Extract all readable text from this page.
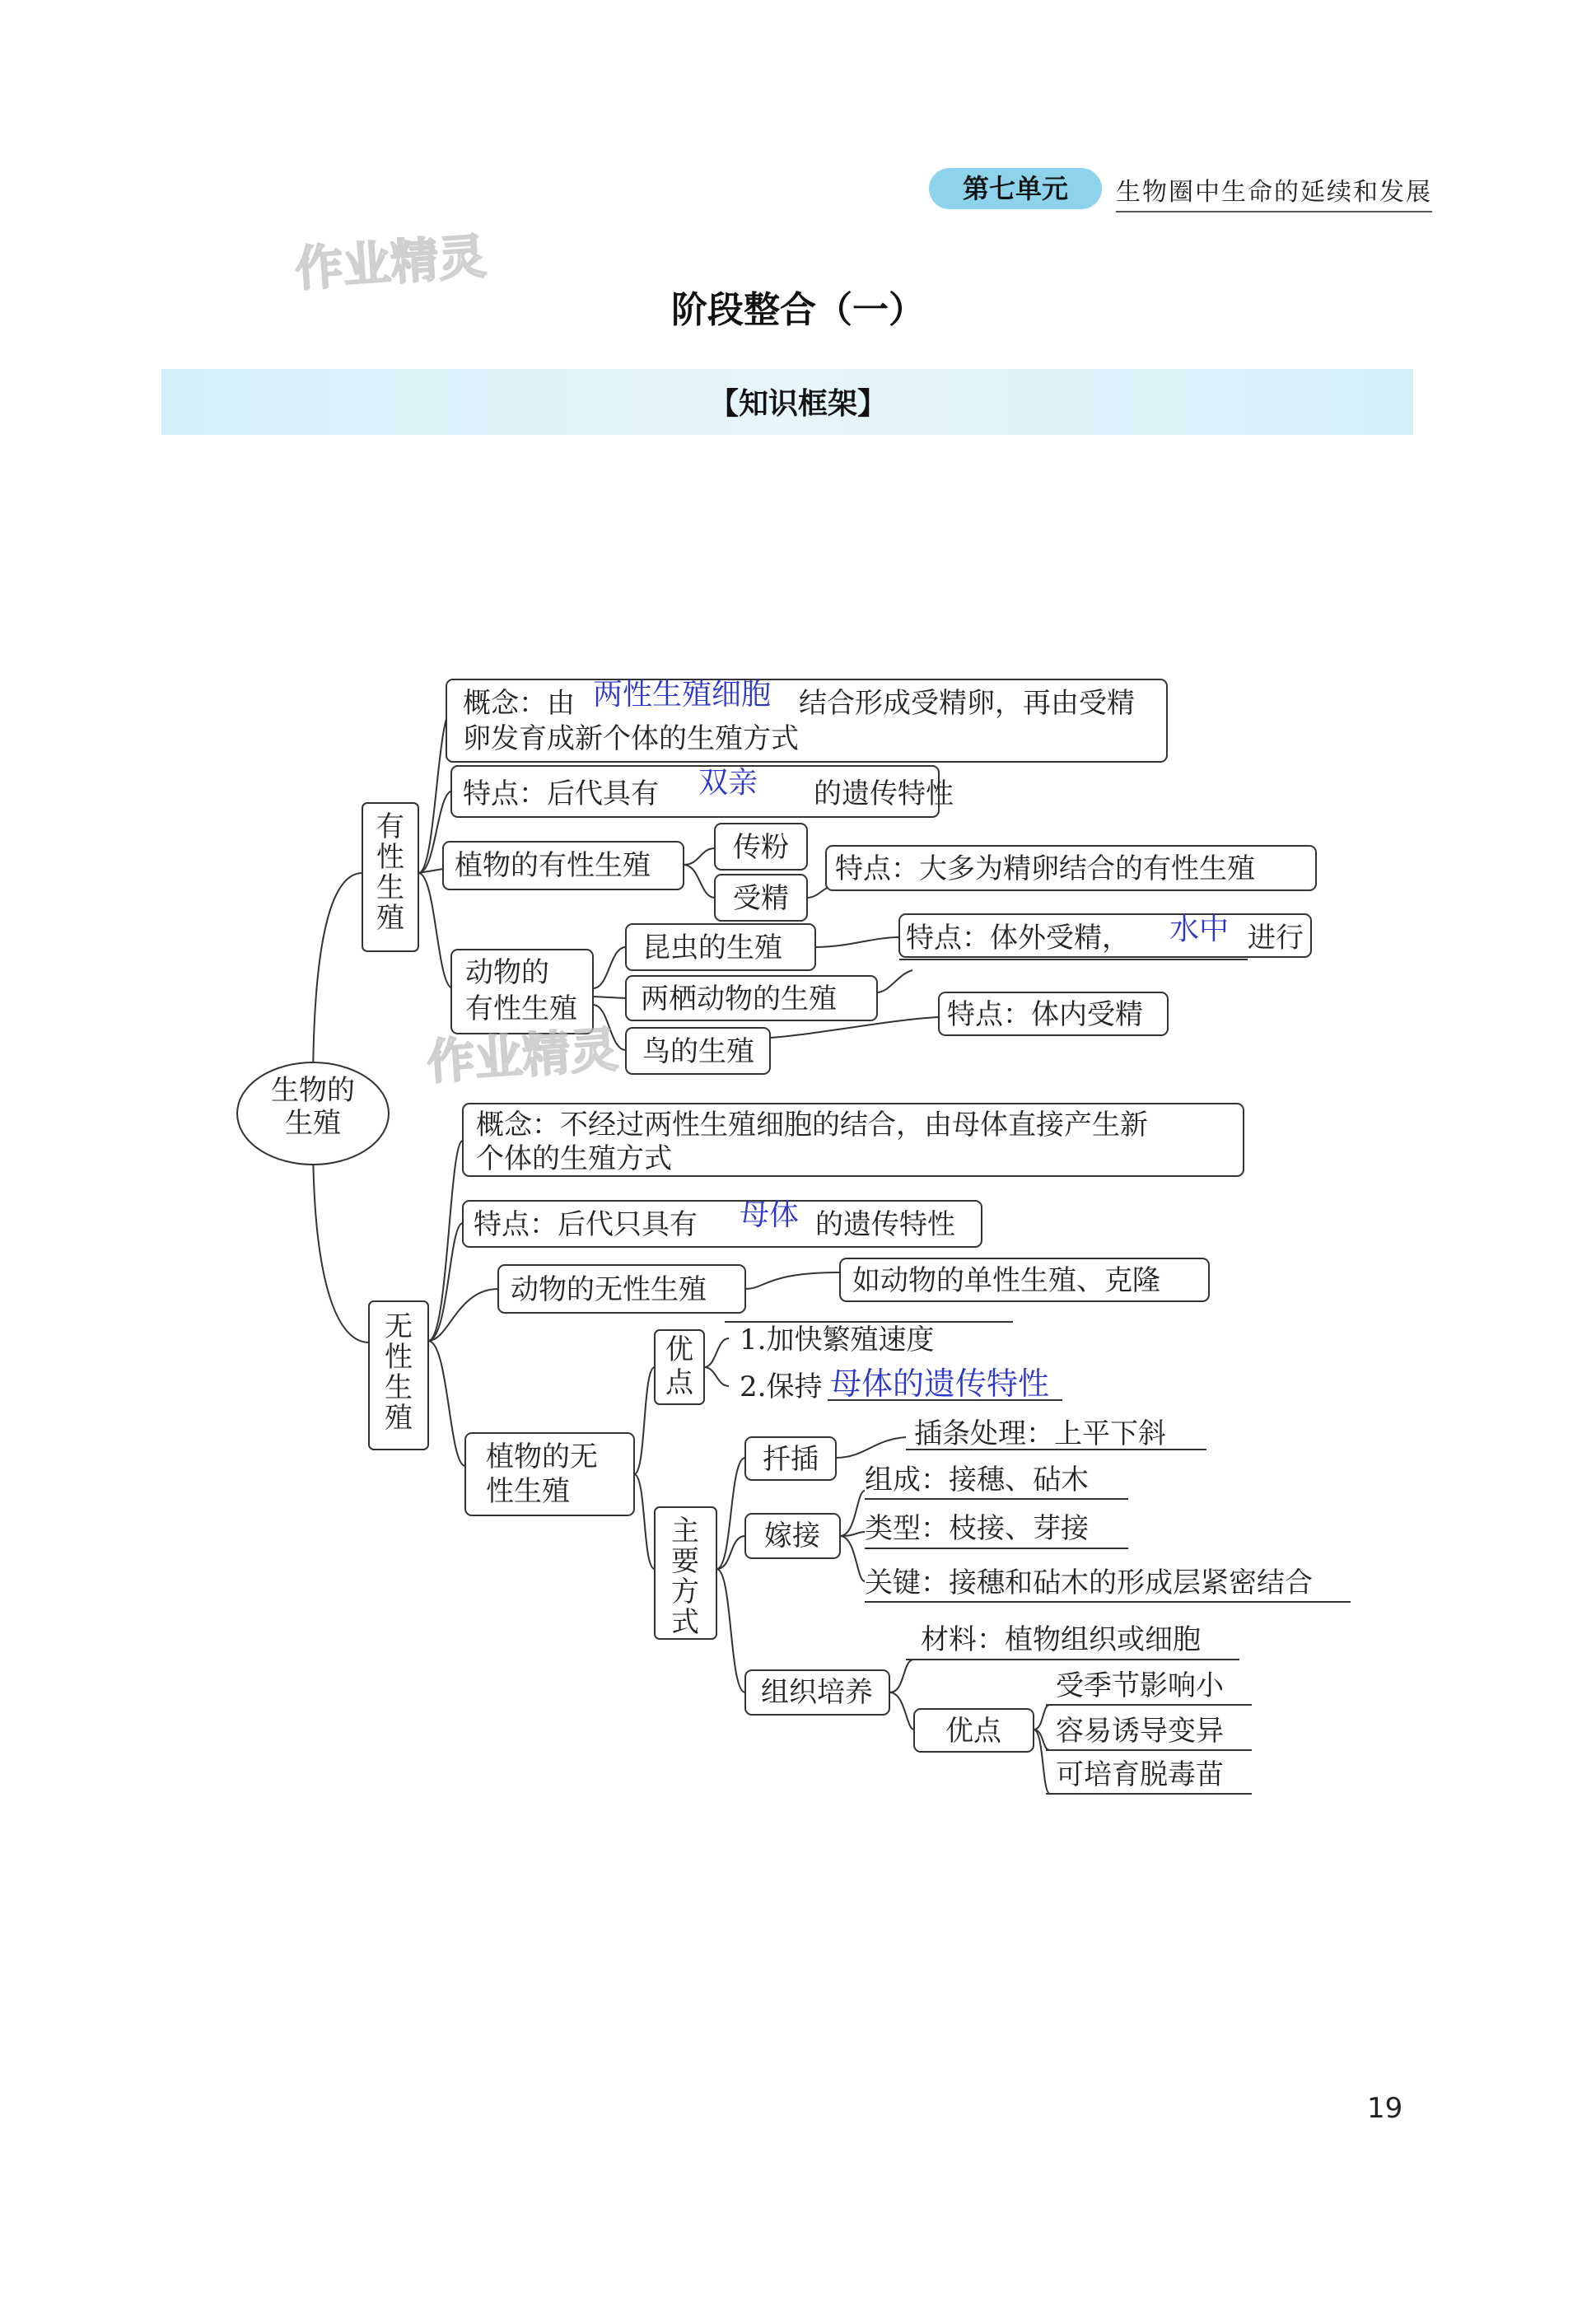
第七单元	生物圈中生命的延续和发展
作业精灵
阶段整合（一）
【知识框架】
生物的
生殖
有
性
生
殖
概念：由 两性生殖细胞 结合形成受精卵，再由受精
卵发育成新个体的生殖方式
特点：后代具有 双亲 的遗传特性
植物的有性生殖
传粉
受精
特点：大多为精卵结合的有性生殖
动物的
有性生殖
昆虫的生殖
两栖动物的生殖
鸟的生殖
特点：体外受精， 水中 进行
特点：体内受精
无
性
生
殖
概念：不经过两性生殖细胞的结合，由母体直接产生新
个体的生殖方式
特点：后代只具有 母体 的遗传特性
动物的无性生殖	如动物的单性生殖、克隆
植物的无
性生殖
优
点
1.加快繁殖速度
2.保持 母体的遗传特性
主
要
方
式
扦插
插条处理：上平下斜
嫁接
组成：接穗、砧木
类型：枝接、芽接
关键：接穗和砧木的形成层紧密结合
组织培养
材料：植物组织或细胞
优点
受季节影响小
容易诱导变异
可培育脱毒苗
作业精灵
19
